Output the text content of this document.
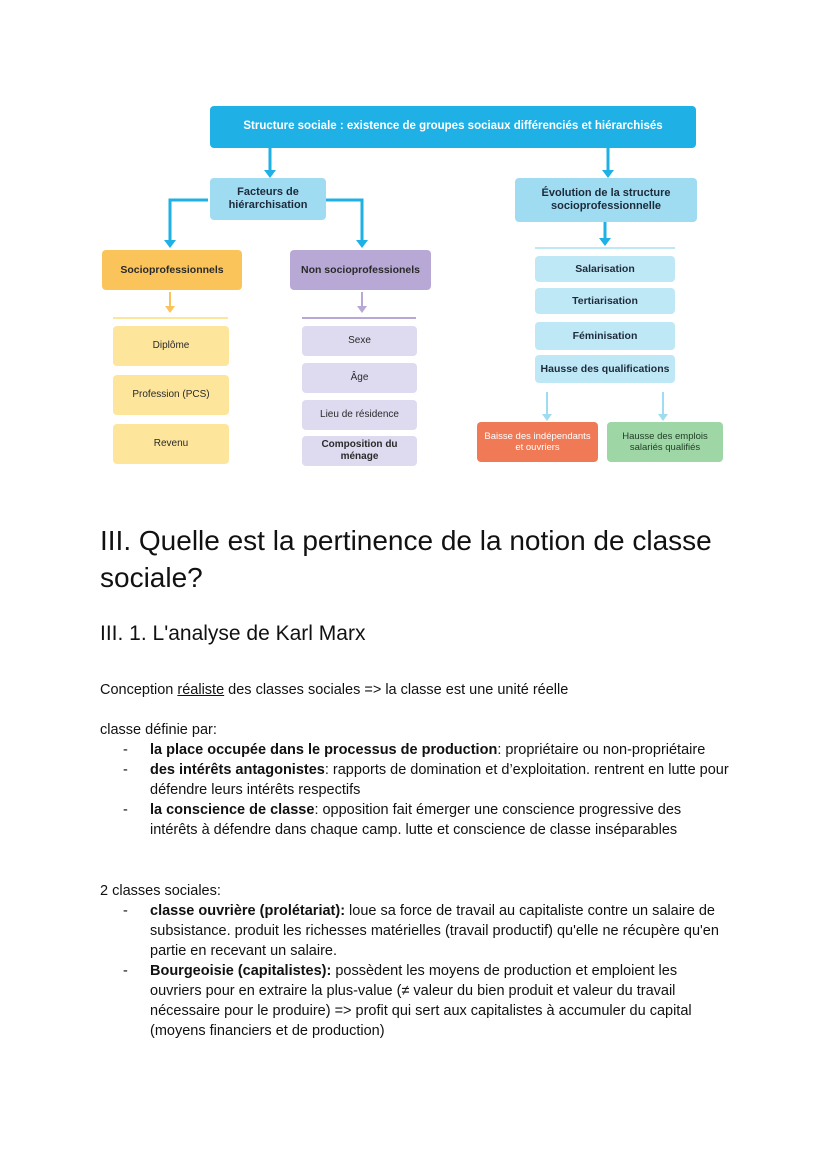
Structure sociale : existence de groupes sociaux différenciés et hiérarchisés
Facteurs de
hiérarchisation
Évolution de la structure
socioprofessionnelle
Socioprofessionnels
Diplôme
Profession (PCS)
Revenu
Non socioprofessionels
Sexe
Âge
Lieu de résidence
Composition du ménage
Salarisation
Tertiarisation
Féminisation
Hausse des qualifications
Baisse des indépendants
et ouvriers
Hausse des emplois
salariés qualifiés
III. Quelle est la pertinence de la notion de classe sociale?
III. 1. L'analyse de Karl Marx

Conception réaliste des classes sociales => la classe est une unité réelle

classe définie par:

- la place occupée dans le processus de production: propriétaire ou non-propriétaire
- des intérêts antagonistes: rapports de domination et d’exploitation. rentrent en lutte pour défendre leurs intérêts respectifs
- la conscience de classe: opposition fait émerger une conscience progressive des intérêts à défendre dans chaque camp. lutte et conscience de classe inséparables

2 classes sociales:

- classe ouvrière (prolétariat): loue sa force de travail au capitaliste contre un salaire de subsistance. produit les richesses matérielles (travail productif) qu'elle ne récupère qu'en partie en recevant un salaire.
- Bourgeoisie (capitalistes): possèdent les moyens de production et emploient les ouvriers pour en extraire la plus-value (≠ valeur du bien produit et valeur du travail nécessaire pour le produire) => profit qui sert aux capitalistes à accumuler du capital (moyens financiers et de production)
